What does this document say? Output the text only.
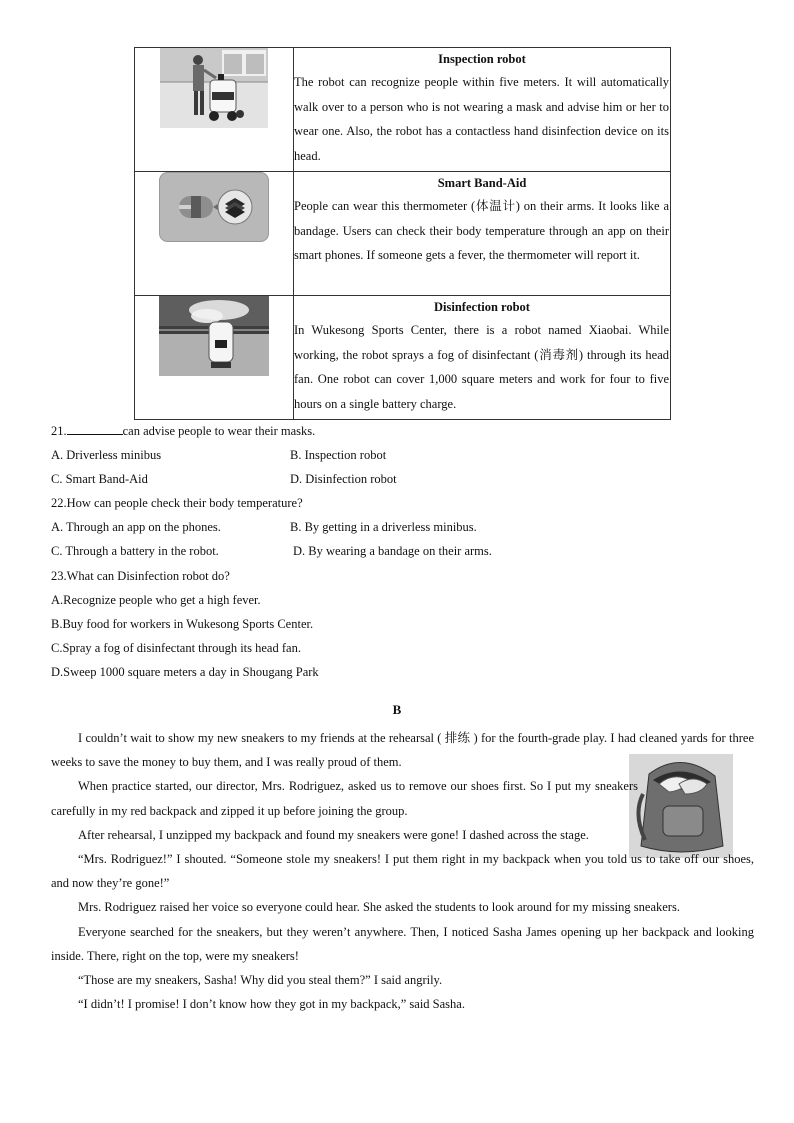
Inspection robot
The robot can recognize people within five meters. It will automatically walk over to a person who is not wearing a mask and advise him or her to wear one. Also, the robot has a contactless hand disinfection device on its head.

Smart Band-Aid
People can wear this thermometer (体温计) on their arms. It looks like a bandage. Users can check their body temperature through an app on their smart phones. If someone gets a fever, the thermometer will report it.

Disinfection robot
In Wukesong Sports Center, there is a robot named Xiaobai. While working, the robot sprays a fog of disinfectant (消毒剂) through its head fan. One robot can cover 1,000 square meters and work for four to five hours on a single battery charge.
21.	can advise people to wear their masks.
A. Driverless minibus	B. Inspection robot
C. Smart Band-Aid	D. Disinfection robot
22.How can people check their body temperature?
A. Through an app on the phones.	B. By getting in a driverless minibus.
C. Through a battery in the robot.	D. By wearing a bandage on their arms.
23.What can Disinfection robot do?
A.Recognize people who get a high fever.
B.Buy food for workers in Wukesong Sports Center.
C.Spray a fog of disinfectant through its head fan.
D.Sweep 1000 square meters a day in Shougang Park
B

I couldn’t wait to show my new sneakers to my friends at the rehearsal ( 排练 ) for the fourth-grade play. I had cleaned yards for three weeks to save the money to buy them, and I was really proud of them.

When practice started, our director, Mrs. Rodriguez, asked us to remove our shoes first. So I put my sneakers carefully in my red backpack and zipped it up before joining the group.

After rehearsal, I unzipped my backpack and found my sneakers were gone! I dashed across the stage.

“Mrs. Rodriguez!” I shouted. “Someone stole my sneakers! I put them right in my backpack when you told us to take off our shoes, and now they’re gone!”

Mrs. Rodriguez raised her voice so everyone could hear. She asked the students to look around for my missing sneakers.

Everyone searched for the sneakers, but they weren’t anywhere. Then, I noticed Sasha James opening up her backpack and looking inside. There, right on the top, were my sneakers!

“Those are my sneakers, Sasha! Why did you steal them?” I said angrily.

“I didn’t! I promise! I don’t know how they got in my backpack,” said Sasha.
